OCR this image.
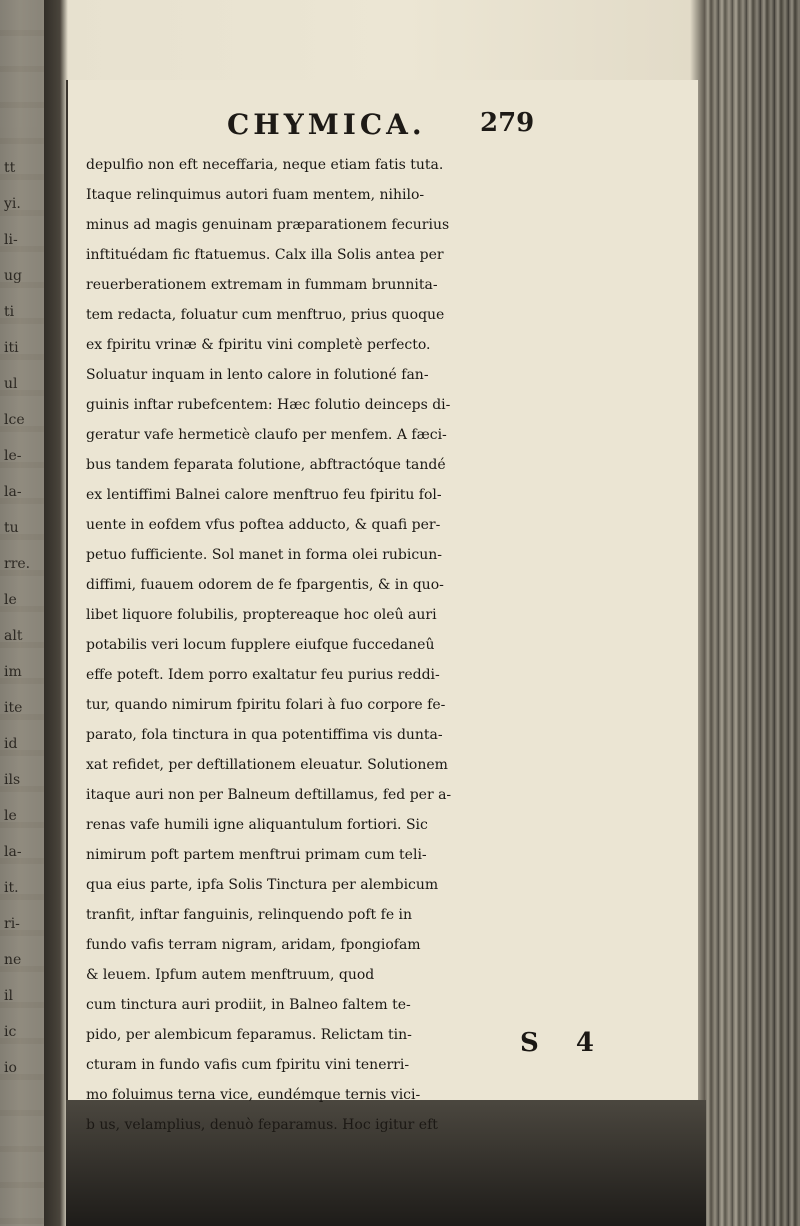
tt
yi.
li-
ug
ti
iti
ul
lce
le-
la-
tu
rre.
le
alt
im
ite
id
ils
le
la-
it.
ri-
ne
il
ic
io
CHYMICA. 279
depulfio non eft neceffaria, neque etiam fatis tuta.
Itaque relinquimus autori fuam mentem, nihilo-
minus ad magis genuinam præparationem fecurius
inftituédam fic ftatuemus. Calx illa Solis antea per
reuerberationem extremam in fummam brunnita-
tem redacta, foluatur cum menftruo, prius quoque
ex fpiritu vrinæ & fpiritu vini completè perfecto.
Soluatur inquam in lento calore in folutioné fan-
guinis inftar rubefcentem: Hæc folutio deinceps di-
geratur vafe hermeticè claufo per menfem. A fæci-
bus tandem feparata folutione, abftractóque tandé
ex lentiffimi Balnei calore menftruo feu fpiritu fol-
uente in eofdem vfus poftea adducto, & quafi per-
petuo fufficiente. Sol manet in forma olei rubicun-
diffimi, fuauem odorem de fe fpargentis, & in quo-
libet liquore folubilis, proptereaque hoc oleû auri
potabilis veri locum fupplere eiufque fuccedaneû
effe poteft. Idem porro exaltatur feu purius reddi-
tur, quando nimirum fpiritu folari à fuo corpore fe-
parato, fola tinctura in qua potentiffima vis dunta-
xat refidet, per deftillationem eleuatur. Solutionem
itaque auri non per Balneum deftillamus, fed per a-
renas vafe humili igne aliquantulum fortiori. Sic
nimirum poft partem menftrui primam cum teli-
qua eius parte, ipfa Solis Tinctura per alembicum
tranfit, inftar fanguinis, relinquendo poft fe in
fundo vafis terram nigram, aridam, fpongiofam
& leuem. Ipfum autem menftruum, quod
cum tinctura auri prodiit, in Balneo faltem te-
pido, per alembicum feparamus. Relictam tin-
cturam in fundo vafis cum fpiritu vini tenerri-
mo foluimus terna vice, eundémque ternis vici-
b us, velamplius, denuò feparamus. Hoc igitur eft
S 4
